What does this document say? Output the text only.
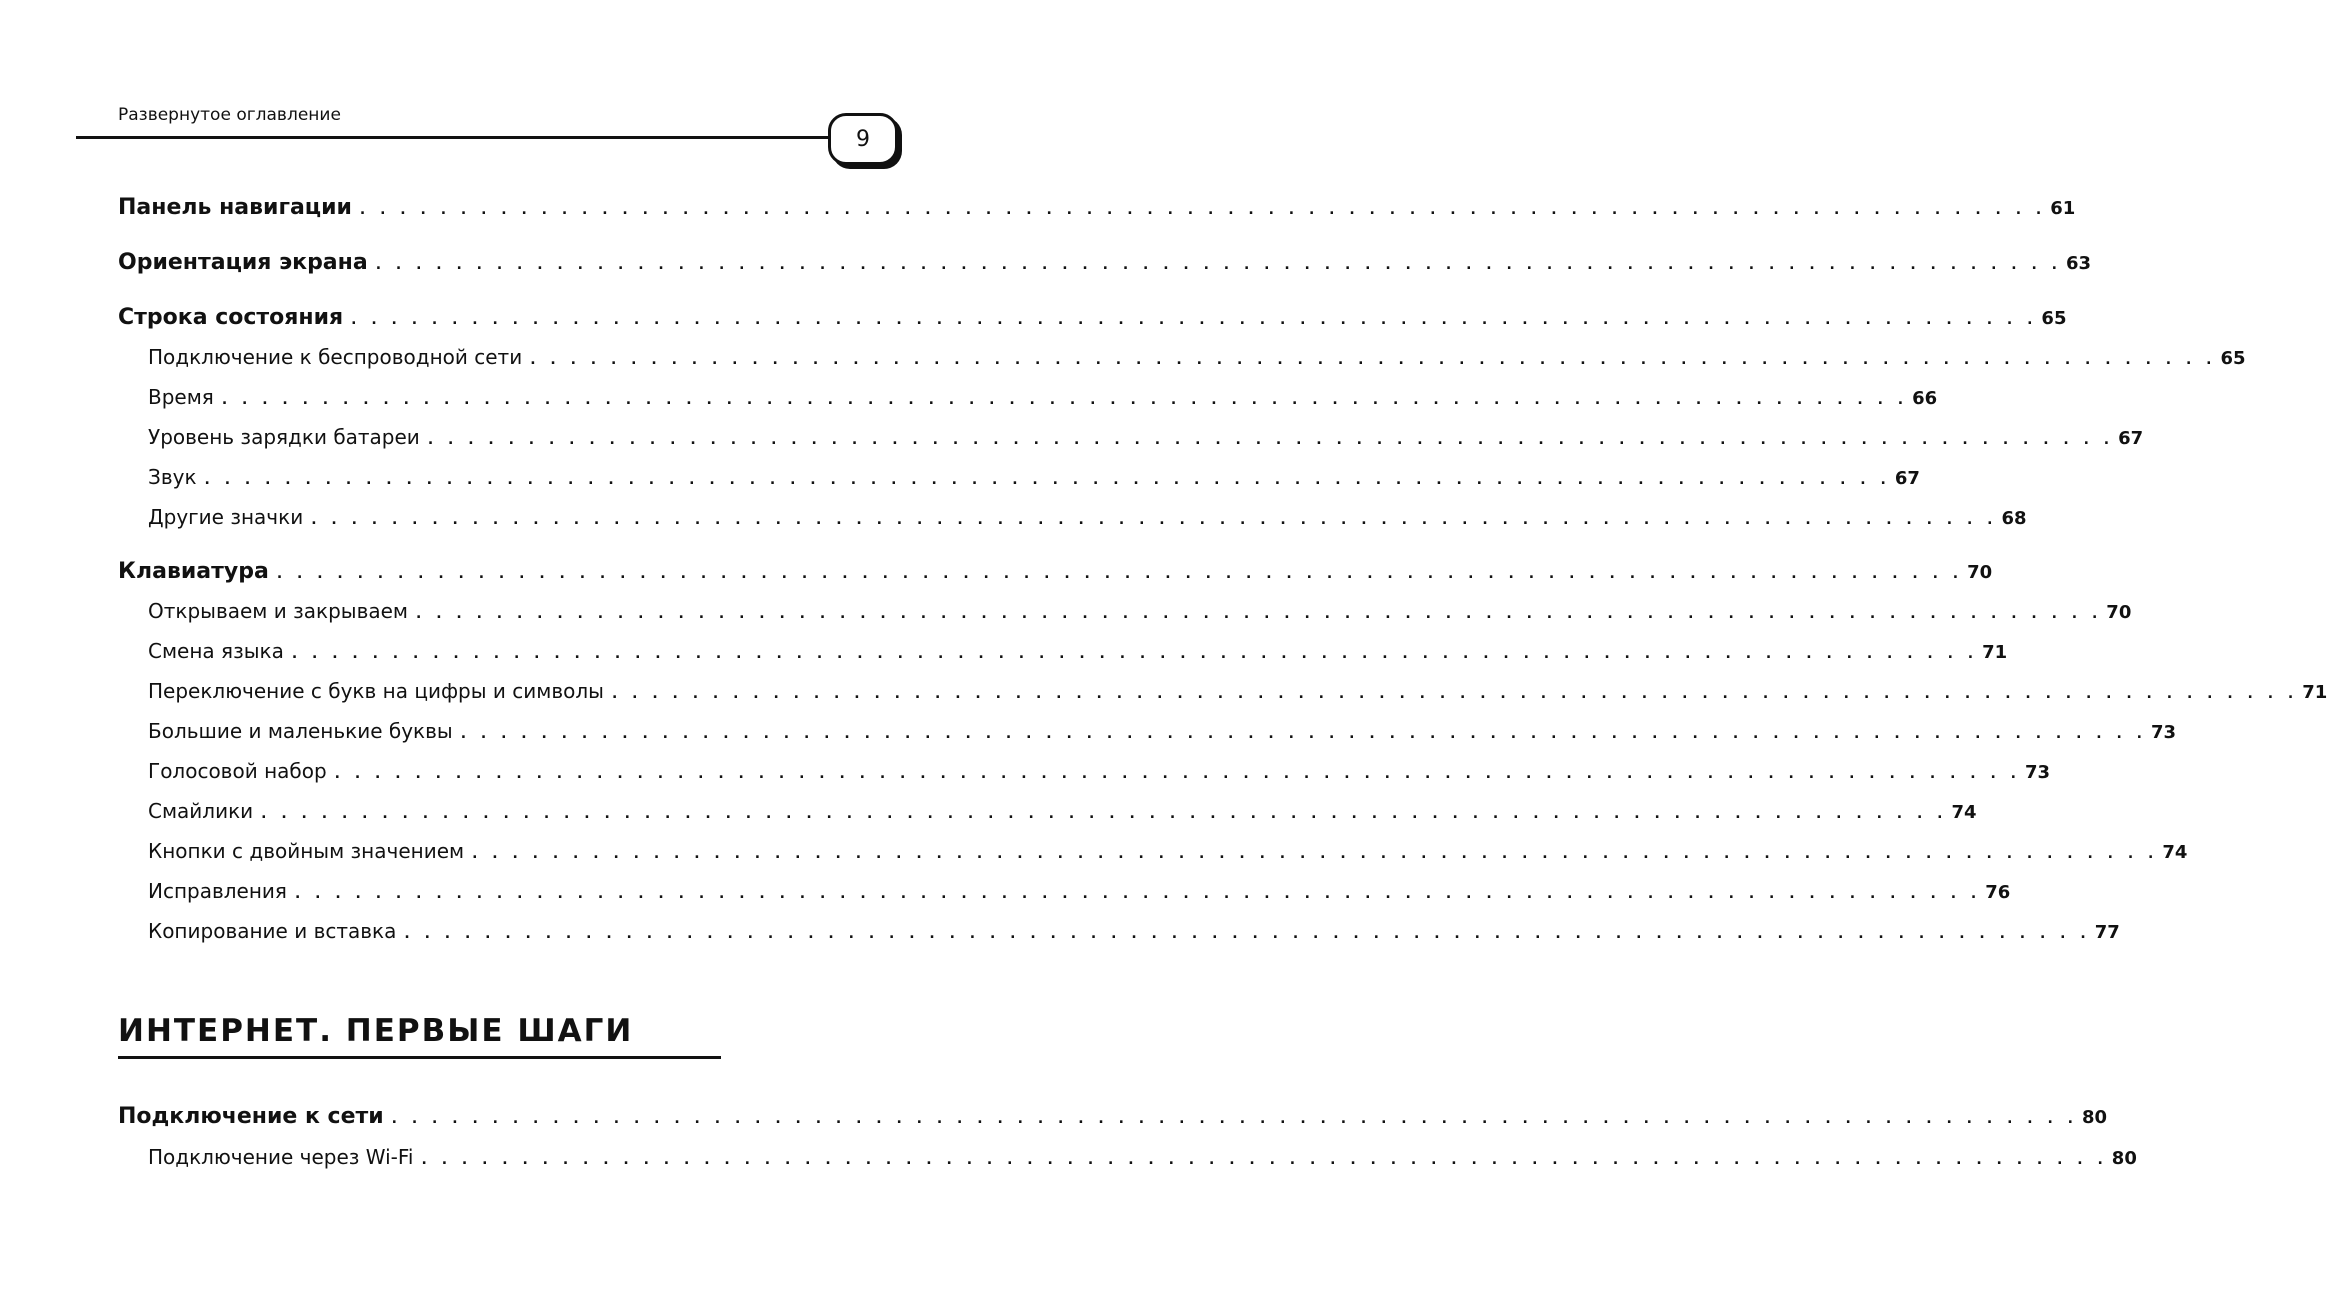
Развернутое оглавление
9
Панель навигации . . . . . . . . . . . . . . . . . . . . . . . . . . . . . . . . . . . . . . . . . . . . . . . . . . . . . . . . . . . . . . . . . . . . . . . . . . . . . . . . . . . . 61
Ориентация экрана . . . . . . . . . . . . . . . . . . . . . . . . . . . . . . . . . . . . . . . . . . . . . . . . . . . . . . . . . . . . . . . . . . . . . . . . . . . . . . . . . . . . 63
Строка состояния . . . . . . . . . . . . . . . . . . . . . . . . . . . . . . . . . . . . . . . . . . . . . . . . . . . . . . . . . . . . . . . . . . . . . . . . . . . . . . . . . . . . 65
Подключение к беспроводной сети . . . . . . . . . . . . . . . . . . . . . . . . . . . . . . . . . . . . . . . . . . . . . . . . . . . . . . . . . . . . . . . . . . . . . . . . . . . . . . . . . . . . 65
Время . . . . . . . . . . . . . . . . . . . . . . . . . . . . . . . . . . . . . . . . . . . . . . . . . . . . . . . . . . . . . . . . . . . . . . . . . . . . . . . . . . . . 66
Уровень зарядки батареи . . . . . . . . . . . . . . . . . . . . . . . . . . . . . . . . . . . . . . . . . . . . . . . . . . . . . . . . . . . . . . . . . . . . . . . . . . . . . . . . . . . . 67
Звук . . . . . . . . . . . . . . . . . . . . . . . . . . . . . . . . . . . . . . . . . . . . . . . . . . . . . . . . . . . . . . . . . . . . . . . . . . . . . . . . . . . . 67
Другие значки . . . . . . . . . . . . . . . . . . . . . . . . . . . . . . . . . . . . . . . . . . . . . . . . . . . . . . . . . . . . . . . . . . . . . . . . . . . . . . . . . . . . 68
Клавиатура . . . . . . . . . . . . . . . . . . . . . . . . . . . . . . . . . . . . . . . . . . . . . . . . . . . . . . . . . . . . . . . . . . . . . . . . . . . . . . . . . . . . 70
Открываем и закрываем . . . . . . . . . . . . . . . . . . . . . . . . . . . . . . . . . . . . . . . . . . . . . . . . . . . . . . . . . . . . . . . . . . . . . . . . . . . . . . . . . . . . 70
Смена языка . . . . . . . . . . . . . . . . . . . . . . . . . . . . . . . . . . . . . . . . . . . . . . . . . . . . . . . . . . . . . . . . . . . . . . . . . . . . . . . . . . . . 71
Переключение с букв на цифры и символы . . . . . . . . . . . . . . . . . . . . . . . . . . . . . . . . . . . . . . . . . . . . . . . . . . . . . . . . . . . . . . . . . . . . . . . . . . . . . . . . . . . . 71
Большие и маленькие буквы . . . . . . . . . . . . . . . . . . . . . . . . . . . . . . . . . . . . . . . . . . . . . . . . . . . . . . . . . . . . . . . . . . . . . . . . . . . . . . . . . . . . 73
Голосовой набор . . . . . . . . . . . . . . . . . . . . . . . . . . . . . . . . . . . . . . . . . . . . . . . . . . . . . . . . . . . . . . . . . . . . . . . . . . . . . . . . . . . . 73
Смайлики . . . . . . . . . . . . . . . . . . . . . . . . . . . . . . . . . . . . . . . . . . . . . . . . . . . . . . . . . . . . . . . . . . . . . . . . . . . . . . . . . . . . 74
Кнопки с двойным значением . . . . . . . . . . . . . . . . . . . . . . . . . . . . . . . . . . . . . . . . . . . . . . . . . . . . . . . . . . . . . . . . . . . . . . . . . . . . . . . . . . . . 74
Исправления . . . . . . . . . . . . . . . . . . . . . . . . . . . . . . . . . . . . . . . . . . . . . . . . . . . . . . . . . . . . . . . . . . . . . . . . . . . . . . . . . . . . 76
Копирование и вставка . . . . . . . . . . . . . . . . . . . . . . . . . . . . . . . . . . . . . . . . . . . . . . . . . . . . . . . . . . . . . . . . . . . . . . . . . . . . . . . . . . . . 77
ИНТЕРНЕТ. ПЕРВЫЕ ШАГИ
Подключение к сети . . . . . . . . . . . . . . . . . . . . . . . . . . . . . . . . . . . . . . . . . . . . . . . . . . . . . . . . . . . . . . . . . . . . . . . . . . . . . . . . . . . . 80
Подключение через Wi-Fi . . . . . . . . . . . . . . . . . . . . . . . . . . . . . . . . . . . . . . . . . . . . . . . . . . . . . . . . . . . . . . . . . . . . . . . . . . . . . . . . . . . . 80
